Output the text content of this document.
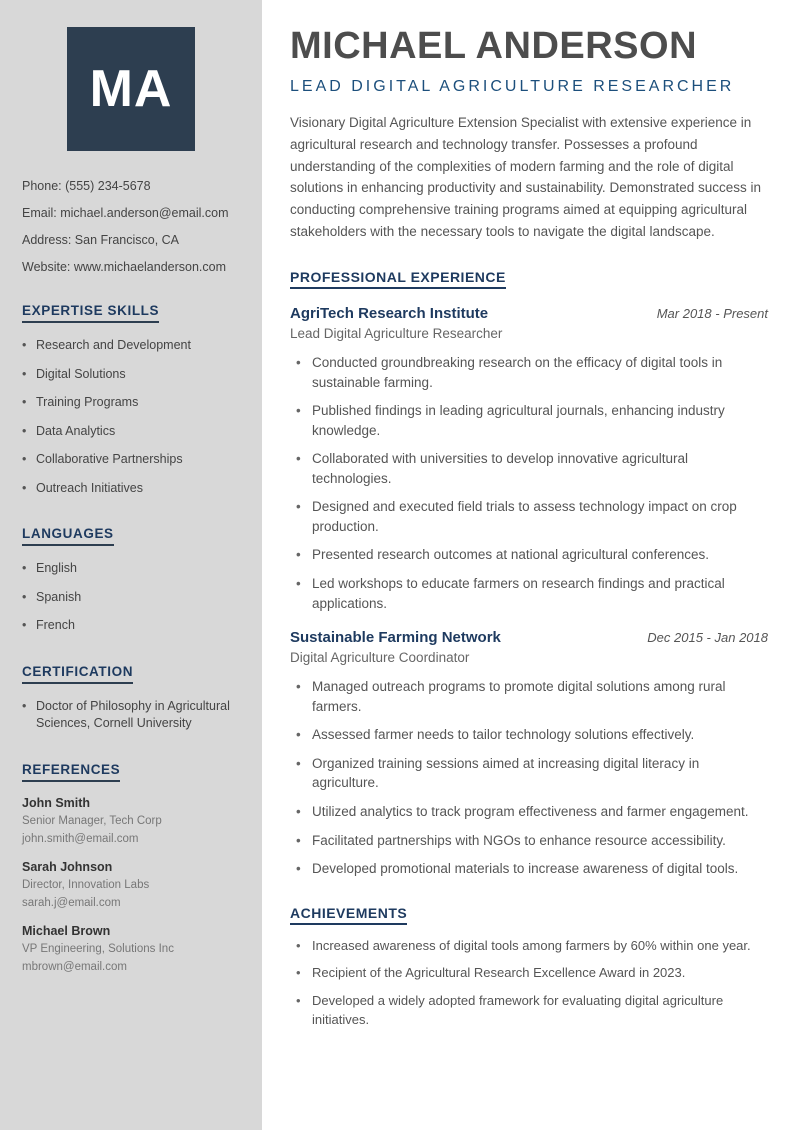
MA
Phone: (555) 234-5678
Email: michael.anderson@email.com
Address: San Francisco, CA
Website: www.michaelanderson.com
EXPERTISE SKILLS
• Research and Development
• Digital Solutions
• Training Programs
• Data Analytics
• Collaborative Partnerships
• Outreach Initiatives
LANGUAGES
• English
• Spanish
• French
CERTIFICATION
• Doctor of Philosophy in Agricultural Sciences, Cornell University
REFERENCES
John Smith
Senior Manager, Tech Corp
john.smith@email.com
Sarah Johnson
Director, Innovation Labs
sarah.j@email.com
Michael Brown
VP Engineering, Solutions Inc
mbrown@email.com
MICHAEL ANDERSON
LEAD DIGITAL AGRICULTURE RESEARCHER

Visionary Digital Agriculture Extension Specialist with extensive experience in agricultural research and technology transfer. Possesses a profound understanding of the complexities of modern farming and the role of digital solutions in enhancing productivity and sustainability. Demonstrated success in conducting comprehensive training programs aimed at equipping agricultural stakeholders with the necessary tools to navigate the digital landscape.

PROFESSIONAL EXPERIENCE
AgriTech Research Institute	Mar 2018 - Present
Lead Digital Agriculture Researcher
• Conducted groundbreaking research on the efficacy of digital tools in sustainable farming.
• Published findings in leading agricultural journals, enhancing industry knowledge.
• Collaborated with universities to develop innovative agricultural technologies.
• Designed and executed field trials to assess technology impact on crop production.
• Presented research outcomes at national agricultural conferences.
• Led workshops to educate farmers on research findings and practical applications.
Sustainable Farming Network	Dec 2015 - Jan 2018
Digital Agriculture Coordinator
• Managed outreach programs to promote digital solutions among rural farmers.
• Assessed farmer needs to tailor technology solutions effectively.
• Organized training sessions aimed at increasing digital literacy in agriculture.
• Utilized analytics to track program effectiveness and farmer engagement.
• Facilitated partnerships with NGOs to enhance resource accessibility.
• Developed promotional materials to increase awareness of digital tools.
ACHIEVEMENTS
• Increased awareness of digital tools among farmers by 60% within one year.
• Recipient of the Agricultural Research Excellence Award in 2023.
• Developed a widely adopted framework for evaluating digital agriculture initiatives.
